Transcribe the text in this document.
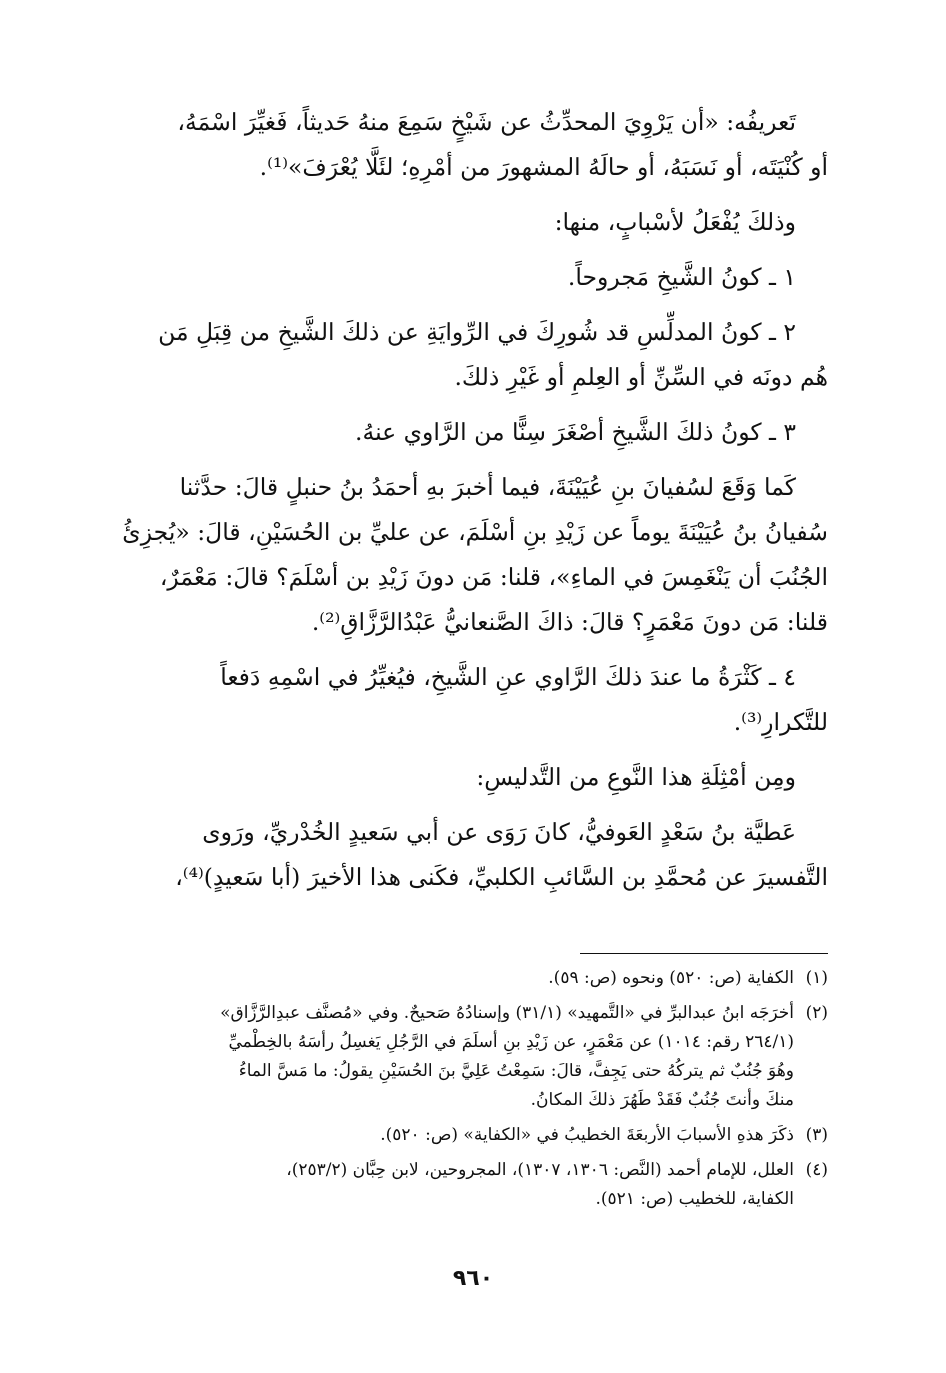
تَعريفُه: «أن يَرْوِيَ المحدِّثُ عن شَيْخٍ سَمِعَ منهُ حَديثاً، فَغيِّرَ اسْمَهُ،
أو كُنْيَتَه، أو نَسَبَهُ، أو حالَهُ المشهورَ من أمْرِهِ؛ لئَلَّا يُعْرَفَ»⁽¹⁾.

وذلكَ يُفْعَلُ لأسْبابٍ، منها:

١ ـ كونُ الشَّيخِ مَجروحاً.

٢ ـ كونُ المدلِّسِ قد شُورِكَ في الرِّوايَةِ عن ذلكَ الشَّيخِ من قِبَلِ مَن
هُم دونَه في السِّنِّ أو العِلمِ أو غَيْرِ ذلكَ.

٣ ـ كونُ ذلكَ الشَّيخِ أصْغَرَ سِنًّا من الرَّاوي عنهُ.

كَما وَقَعَ لسُفيانَ بنِ عُيَيْنَةَ، فيما أخبرَ بهِ أحمَدُ بنُ حنبلٍ قالَ: حدَّثنا
سُفيانُ بنُ عُيَيْنَةَ يوماً عن زَيْدِ بنِ أسْلَمَ، عن عليِّ بن الحُسَيْنِ، قالَ: «يُجزِئُ
الجُنُبَ أن يَنْغَمِسَ في الماءِ»، قلنا: مَن دونَ زَيْدِ بن أسْلَمَ؟ قالَ: مَعْمَرٌ،
قلنا: مَن دونَ مَعْمَرٍ؟ قالَ: ذاكَ الصَّنعانيُّ عَبْدُالرَّزَّاقِ⁽²⁾.

٤ ـ كَثْرَةُ ما عندَ ذلكَ الرَّاوي عنِ الشَّيخِ، فيُغيِّرُ في اسْمِهِ دَفعاً
للتَّكرارِ⁽³⁾.

ومِن أمْثِلَةِ هذا النَّوعِ من التَّدليسِ:

عَطيَّة بنُ سَعْدٍ العَوفيُّ، كانَ رَوَى عن أبي سَعيدٍ الخُدْريِّ، ورَوى
التَّفسيرَ عن مُحمَّدِ بن السَّائبِ الكلبيِّ، فكَنى هذا الأخيرَ (أبا سَعيدٍ)⁽⁴⁾،

(١)
الكفاية (ص: ٥٢٠) ونحوه (ص: ٥٩).
(٢)
أخرَجَه ابنُ عبدالبرِّ في «التَّمهيد» (٣١/١) وإسنادُهُ صَحيحٌ. وفي «مُصنَّف عبدِالرَّزَّاق»
(٢٦٤/١ رقم: ١٠١٤) عن مَعْمَرٍ، عن زَيْدِ بنِ أسلَمَ في الرَّجُلِ يَغسِلُ رأسَهُ بالخِطْميِّ
وهُوَ جُنُبٌ ثم يتركُهُ حتى يَجِفَّ، قالَ: سَمِعْتُ عَلِيَّ بنَ الحُسَيْنِ يقولُ: ما مَسَّ الماءُ
منكَ وأنتَ جُنُبٌ فَقَدْ طَهُرَ ذلكَ المكانُ.
(٣)
ذكَرَ هذهِ الأسبابَ الأربعَةَ الخطيبُ في «الكفاية» (ص: ٥٢٠).
(٤)
العلل، للإمام أحمد (النَّص: ١٣٠٦، ١٣٠٧)، المجروحين، لابن حِبَّان (٢٥٣/٢)،
الكفاية، للخطيب (ص: ٥٢١).
٩٦٠
